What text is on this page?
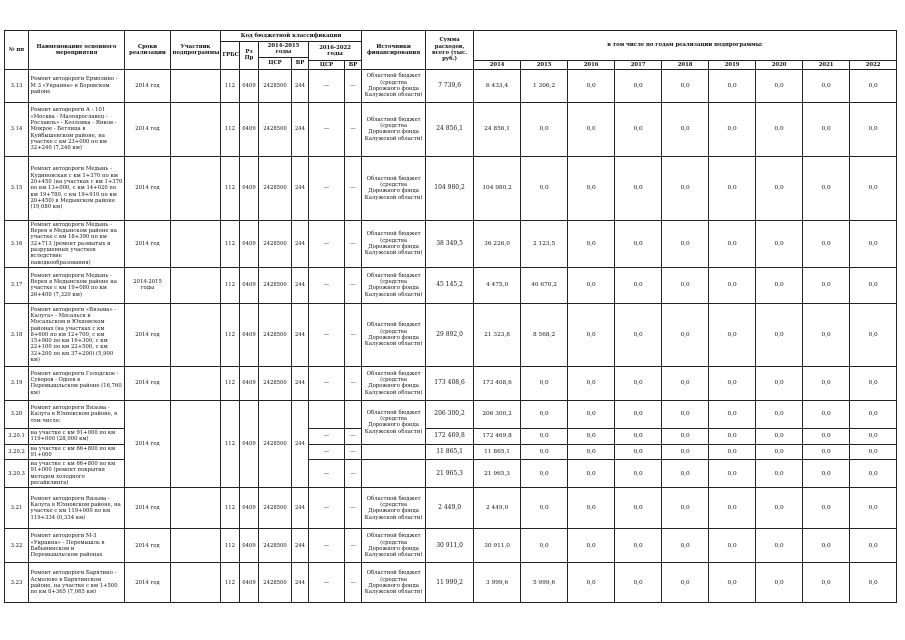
№ пп	Наименование основного мероприятия	Сроки реализации	Участник подпрограммы	Код бюджетной классификации						Источники финансирования	Сумма расходов, всего (тыс. руб.)	в том числе по годам реализации подпрограммы:								
				ГРБС	Рз Пр	2014-2015 годы		2016-2022 годы												
						ЦСР	ВР													
								ЦСР	ВР			2014	2015	2016	2017	2018	2019	2020	2021	2022
3.13	Ремонт автодороги Ермолино - М 3 «Украина» в Боровском районе	2014 год		112	0409	2428500	244	—	—	Областной бюджет (средства Дорожного фонда Калужской области)	7 739,6	6 433,4	1 306,2	0,0	0,0	0,0	0,0	0,0	0,0	0,0
3.14	Ремонт автодороги А - 101 «Москва - Малоярославец - Рославль» - Козловка - Янков - Мокрое - Бетлица в Куйбышевском районе, на участке с км 23+000 по км 32+240 (7,240 км)	2014 год		112	0409	2428500	244	—	—	Областной бюджет (средства Дорожного фонда Калужской области)	24 856,1	24 856,1	0,0	0,0	0,0	0,0	0,0	0,0	0,0	0,0
3.15	Ремонт автодороги Медынь - Кудиновская с км 1+370 по км 20+450 (на участках с км 1+370 по км 13+000, с км 14+020 по км 19+780, с км 19+910 по км 20+450) в Медынском районе (19,080 км)	2014 год		112	0409	2428500	244	—	—	Областной бюджет (средства Дорожного фонда Калужской области)	104 980,2	104 980,2	0,0	0,0	0,0	0,0	0,0	0,0	0,0	0,0
3.16	Ремонт автодороги Медынь - Верея в Медынском районе на участке с км 18+390 по км 32+713 (ремонт размытых и разрушенных участков вследствие паводкообразования)	2014 год		112	0409	2428500	244	—	—	Областной бюджет (средства Дорожного фонда Калужской области)	38 349,5	36 226,0	2 123,5	0,0	0,0	0,0	0,0	0,0	0,0	0,0
3.17	Ремонт автодороги Медынь - Верея в Медынском районе на участке с км 19+080 по км 26+400 (7,320 км)	2014-2015 годы		112	0409	2428500	244	—	—	Областной бюджет (средства Дорожного фонда Калужской области)	45 145,2	4 475,0	40 670,2	0,0	0,0	0,0	0,0	0,0	0,0	0,0
3.18	Ремонт автодороги «Вязьма» - Калуга» - Мосальск в Мосальском и Юхновском районах (на участках с км 8+600 по км 12+700, с км 15+900 по км 16+300, с км 22+100 по км 22+500, с км 32+200 по км 37+200) (5,900 км)	2014 год		112	0409	2428500	244	—	—	Областной бюджет (средства Дорожного фонда Калужской области)	29 892,0	21 323,8	8 568,2	0,0	0,0	0,0	0,0	0,0	0,0	0,0
3.19	Ремонт автодороги Голодское - Суворов - Одоев в Перемышльском районе (16,760 км)	2014 год		112	0409	2428500	244	—	—	Областной бюджет (средства Дорожного фонда Калужской области)	173 408,6	173 408,6	0,0	0,0	0,0	0,0	0,0	0,0	0,0	0,0
3.20	Ремонт автодороги Вязьма - Калуга в Юхновском районе, в том числе:	2014 год		112	0409	2428500	244			Областной бюджет (средства Дорожного фонда Калужской области)	206 300,2	206 300,2	0,0	0,0	0,0	0,0	0,0	0,0	0,0	0,0
3.20.1	на участке с км 91+000 по км 119+000 (28,000 км)							—	—		172 469,8	172 469,8	0,0	0,0	0,0	0,0	0,0	0,0	0,0	0,0
3.20.2	на участке с км 66+800 по км 91+000							—	—		11 865,1	11 865,1	0,0	0,0	0,0	0,0	0,0	0,0	0,0	0,0
3.20.3	на участке с км 66+800 по км 91+000 (ремонт покрытия методом холодного ресайклинга)							—	—		21 965,3	21 965,3	0,0	0,0	0,0	0,0	0,0	0,0	0,0	0,0
3.21	Ремонт автодороги Вязьма - Калуга в Юхновском районе, на участке с км 119+000 по км 119+334 (0,334 км)	2014 год		112	0409	2428500	244	—	—	Областной бюджет (средства Дорожного фонда Калужской области)	2 449,0	2 449,0	0,0	0,0	0,0	0,0	0,0	0,0	0,0	0,0
3.22	Ремонт автодороги М-3 «Украина» - Перемышль в Бабынинском и Перемышльском районах	2014 год		112	0409	2428500	244	—	—	Областной бюджет (средства Дорожного фонда Калужской области)	30 911,0	30 911,0	0,0	0,0	0,0	0,0	0,0	0,0	0,0	0,0
3.23	Ремонт автодороги Барятино - Асмолово в Барятинском районе, на участке с км 1+500 по км 8+365 (7,065 км)	2014 год		112	0409	2428500	244	—	—	Областной бюджет (средства Дорожного фонда Калужской области)	11 999,2	3 999,6	5 999,6	0,0	0,0	0,0	0,0	0,0	0,0	0,0
